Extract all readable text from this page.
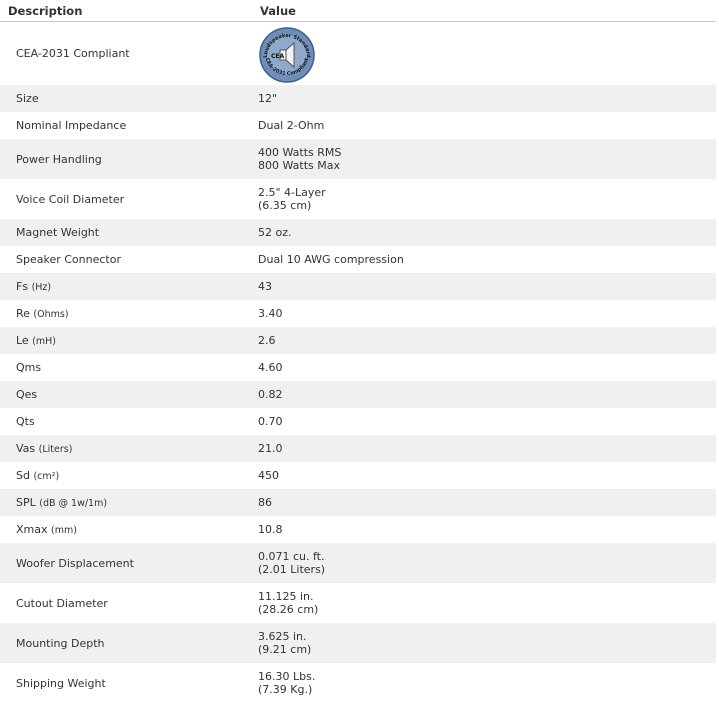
Description	Value
CEA-2031 Compliant	Loudspeaker Standard
CEA
CEA-2031 Compliant

Size	12"

Nominal Impedance	Dual 2-Ohm

Power Handling	400 Watts RMS
800 Watts Max

Voice Coil Diameter	2.5" 4-Layer
(6.35 cm)

Magnet Weight	52 oz.

Speaker Connector	Dual 10 AWG compression

Fs (Hz)	43

Re (Ohms)	3.40

Le (mH)	2.6

Qms	4.60

Qes	0.82

Qts	0.70

Vas (Liters)	21.0

Sd (cm²)	450

SPL (dB @ 1w/1m)	86

Xmax (mm)	10.8

Woofer Displacement	0.071 cu. ft.
(2.01 Liters)

Cutout Diameter	11.125 in.
(28.26 cm)

Mounting Depth	3.625 in.
(9.21 cm)

Shipping Weight	16.30 Lbs.
(7.39 Kg.)
